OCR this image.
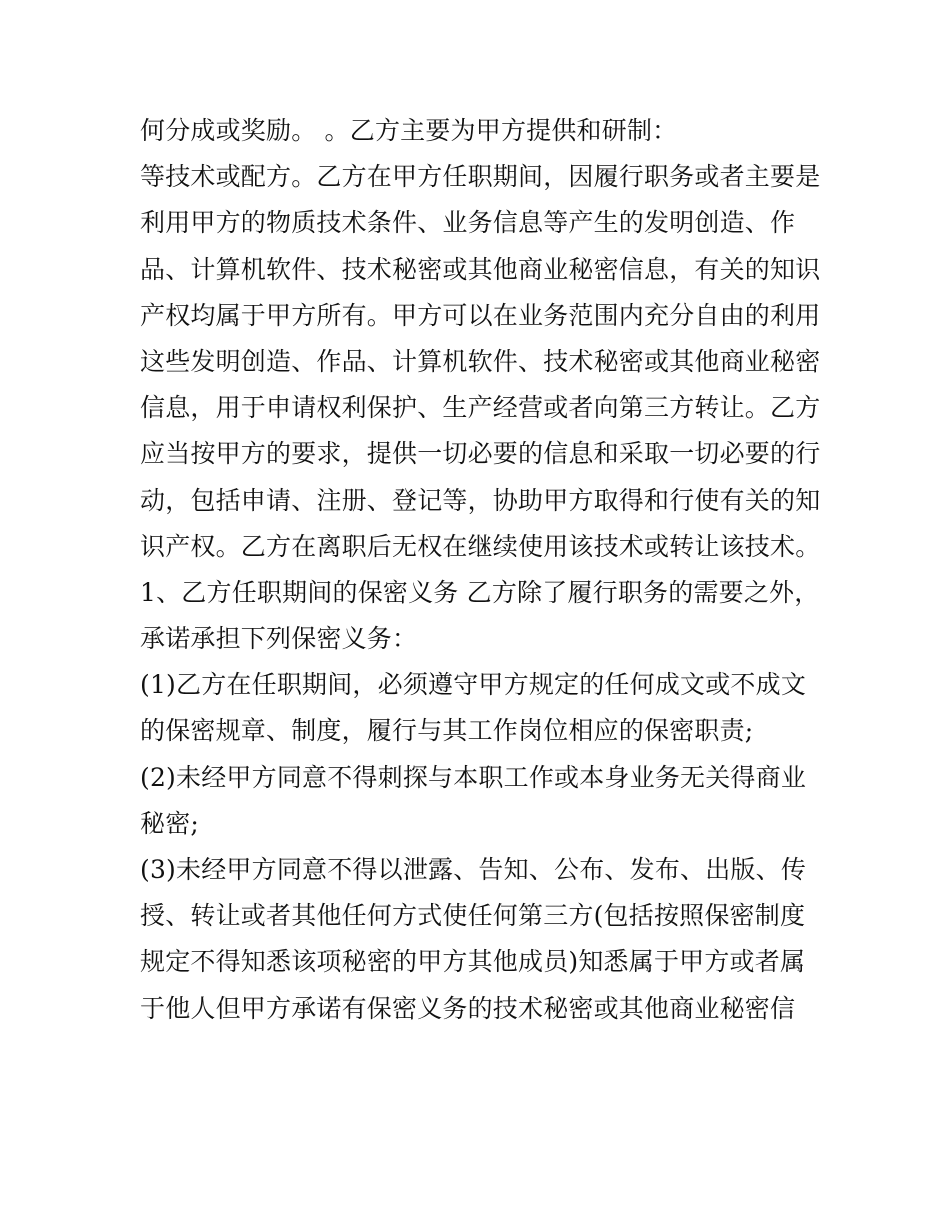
何分成或奖励。 。乙方主要为甲方提供和研制：
等技术或配方。乙方在甲方任职期间，因履行职务或者主要是
利用甲方的物质技术条件、业务信息等产生的发明创造、作
品、计算机软件、技术秘密或其他商业秘密信息，有关的知识
产权均属于甲方所有。甲方可以在业务范围内充分自由的利用
这些发明创造、作品、计算机软件、技术秘密或其他商业秘密
信息，用于申请权利保护、生产经营或者向第三方转让。乙方
应当按甲方的要求，提供一切必要的信息和采取一切必要的行
动，包括申请、注册、登记等，协助甲方取得和行使有关的知
识产权。乙方在离职后无权在继续使用该技术或转让该技术。
1、乙方任职期间的保密义务 乙方除了履行职务的需要之外，
承诺承担下列保密义务：
(1)乙方在任职期间，必须遵守甲方规定的任何成文或不成文
的保密规章、制度，履行与其工作岗位相应的保密职责;
(2)未经甲方同意不得刺探与本职工作或本身业务无关得商业
秘密;
(3)未经甲方同意不得以泄露、告知、公布、发布、出版、传
授、转让或者其他任何方式使任何第三方(包括按照保密制度
规定不得知悉该项秘密的甲方其他成员)知悉属于甲方或者属
于他人但甲方承诺有保密义务的技术秘密或其他商业秘密信
